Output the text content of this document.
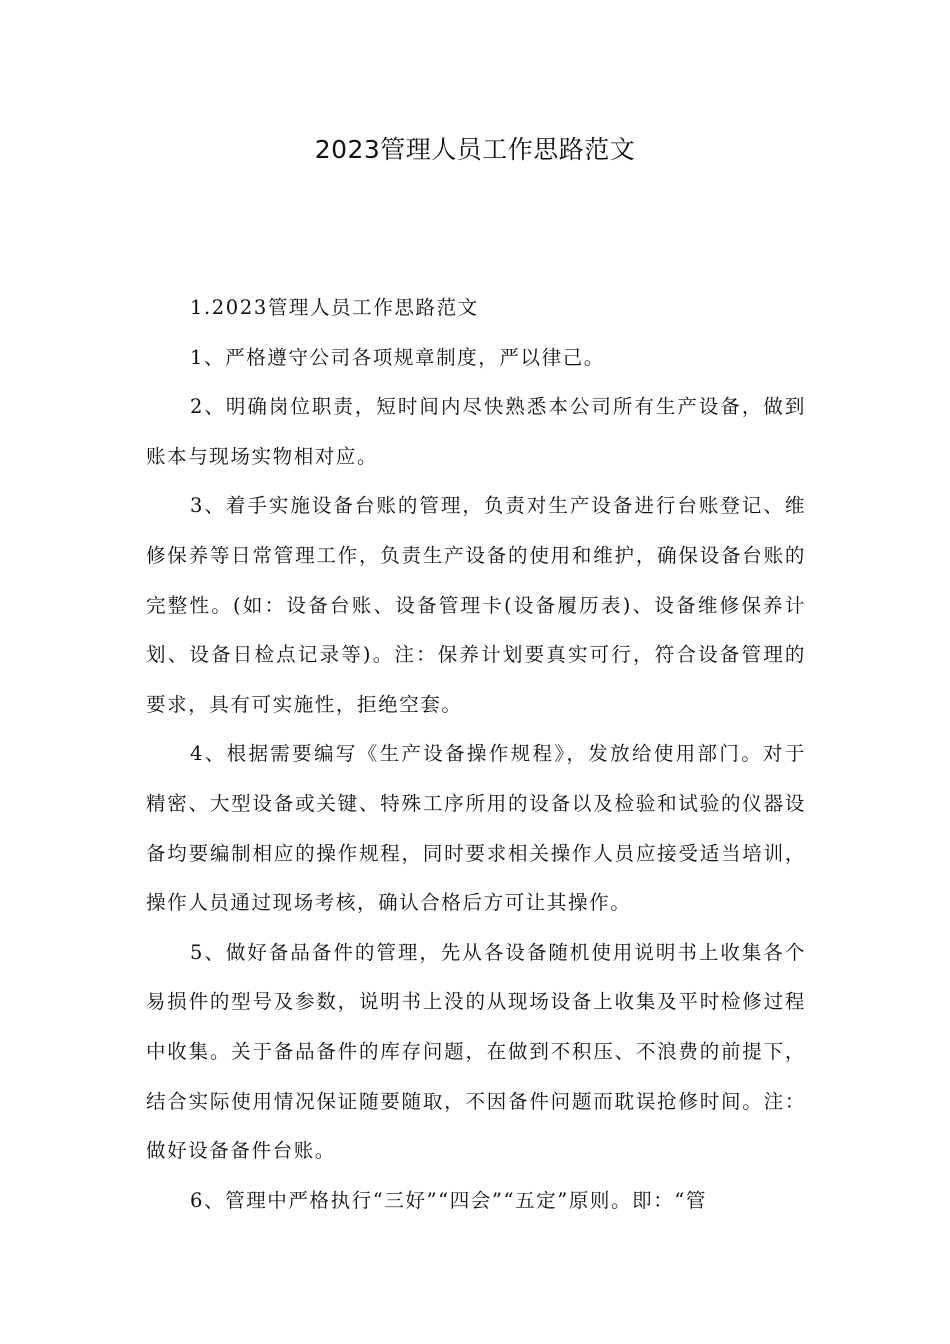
2023管理人员工作思路范文

1.2023管理人员工作思路范文

1、严格遵守公司各项规章制度，严以律己。

2、明确岗位职责，短时间内尽快熟悉本公司所有生产设备，做到账本与现场实物相对应。

3、着手实施设备台账的管理，负责对生产设备进行台账登记、维修保养等日常管理工作，负责生产设备的使用和维护，确保设备台账的完整性。(如：设备台账、设备管理卡(设备履历表)、设备维修保养计划、设备日检点记录等)。注：保养计划要真实可行，符合设备管理的要求，具有可实施性，拒绝空套。

4、根据需要编写《生产设备操作规程》，发放给使用部门。对于精密、大型设备或关键、特殊工序所用的设备以及检验和试验的仪器设备均要编制相应的操作规程，同时要求相关操作人员应接受适当培训，操作人员通过现场考核，确认合格后方可让其操作。

5、做好备品备件的管理，先从各设备随机使用说明书上收集各个易损件的型号及参数，说明书上没的从现场设备上收集及平时检修过程中收集。关于备品备件的库存问题，在做到不积压、不浪费的前提下，结合实际使用情况保证随要随取，不因备件问题而耽误抢修时间。注：做好设备备件台账。

6、管理中严格执行“三好”“四会”“五定”原则。即：“管
